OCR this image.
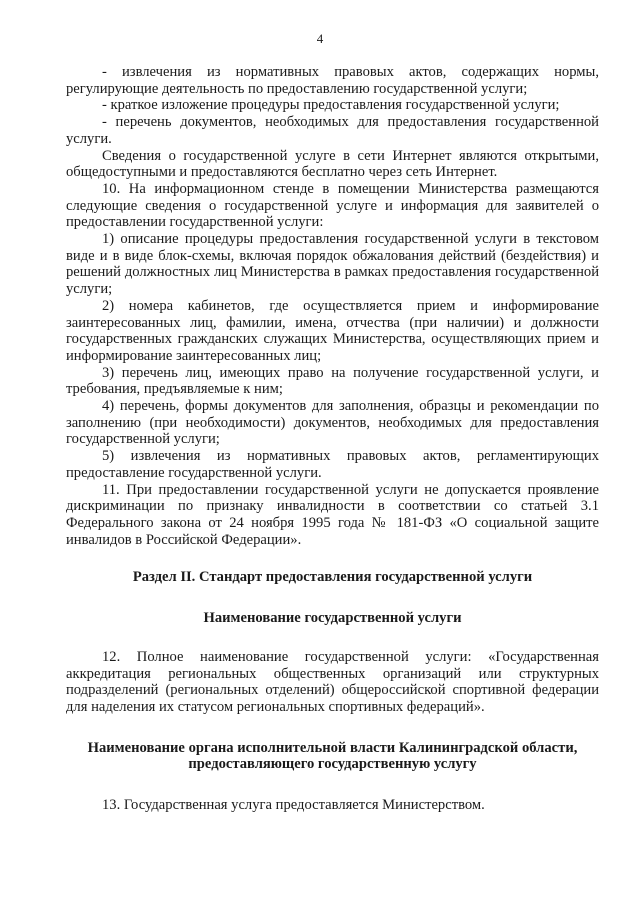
4

- извлечения из нормативных правовых актов, содержащих нормы, регулирующие деятельность по предоставлению государственной услуги;

- краткое изложение процедуры предоставления государственной услуги;

- перечень документов, необходимых для предоставления государственной услуги.

Сведения о государственной услуге в сети Интернет являются открытыми, общедоступными и предоставляются бесплатно через сеть Интернет.

10. На информационном стенде в помещении Министерства размещаются следующие сведения о государственной услуге и информация для заявителей о предоставлении государственной услуги:

1) описание процедуры предоставления государственной услуги в текстовом виде и в виде блок-схемы, включая порядок обжалования действий (бездействия) и решений должностных лиц Министерства в рамках предоставления государственной услуги;

2) номера кабинетов, где осуществляется прием и информирование заинтересованных лиц, фамилии, имена, отчества (при наличии) и должности государственных гражданских служащих Министерства, осуществляющих прием и информирование заинтересованных лиц;

3) перечень лиц, имеющих право на получение государственной услуги, и требования, предъявляемые к ним;

4) перечень, формы документов для заполнения, образцы и рекомендации по заполнению (при необходимости) документов, необходимых для предоставления государственной услуги;

5) извлечения из нормативных правовых актов, регламентирующих предоставление государственной услуги.

11. При предоставлении государственной услуги не допускается проявление дискриминации по признаку инвалидности в соответствии со статьей 3.1 Федерального закона от 24 ноября 1995 года № 181-ФЗ «О социальной защите инвалидов в Российской Федерации».

Раздел II. Стандарт предоставления государственной услуги

Наименование государственной услуги

12. Полное наименование государственной услуги: «Государственная аккредитация региональных общественных организаций или структурных подразделений (региональных отделений) общероссийской спортивной федерации для наделения их статусом региональных спортивных федераций».

Наименование органа исполнительной власти Калининградской области,

предоставляющего государственную услугу

13. Государственная услуга предоставляется Министерством.
